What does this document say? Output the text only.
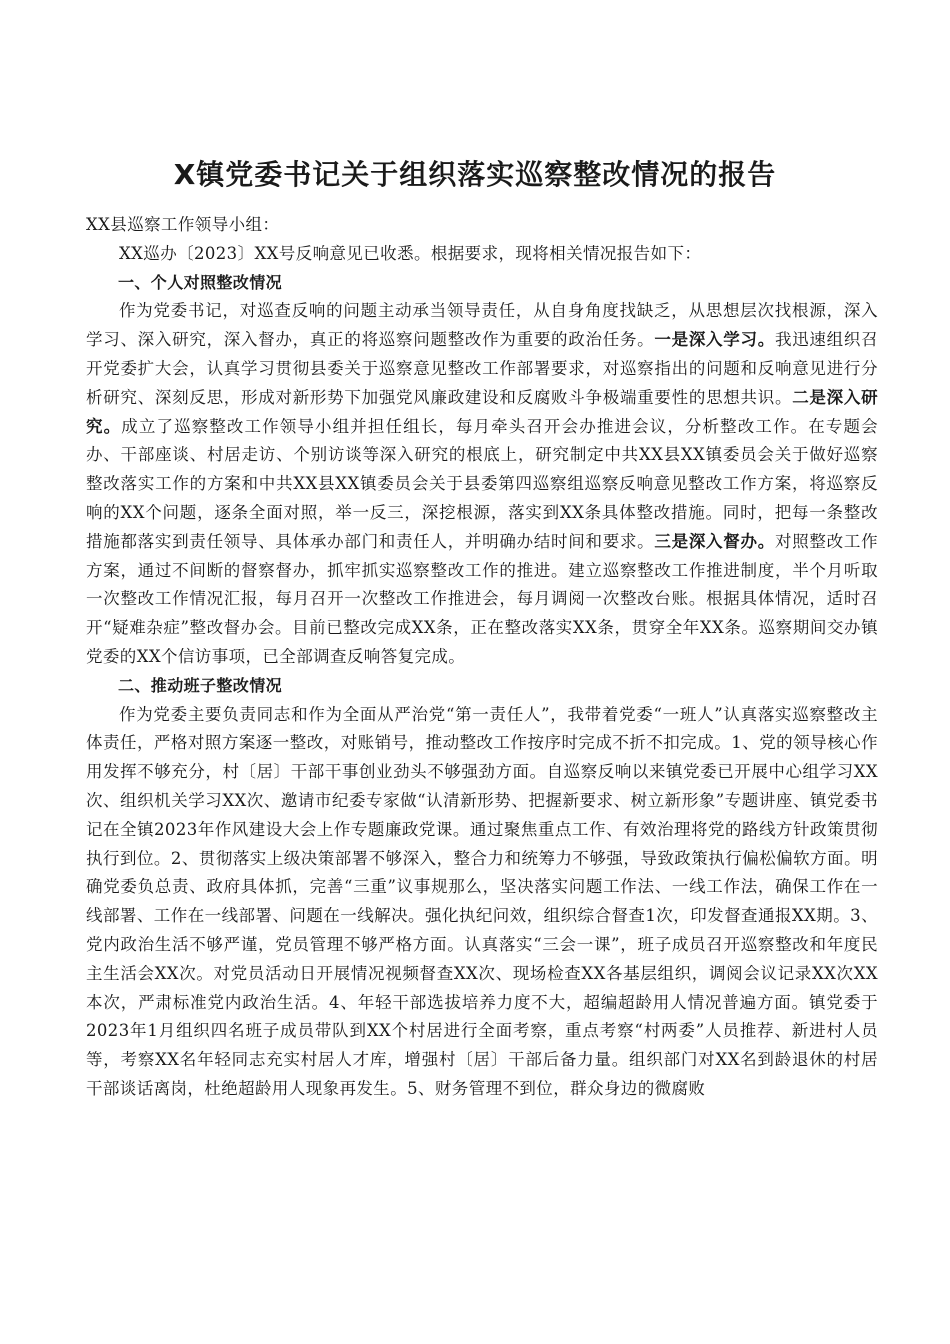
X镇党委书记关于组织落实巡察整改情况的报告

XX县巡察工作领导小组：

XX巡办〔2023〕XX号反响意见已收悉。根据要求，现将相关情况报告如下：

一、个人对照整改情况

作为党委书记，对巡查反响的问题主动承当领导责任，从自身角度找缺乏，从思想层次找根源，深入学习、深入研究，深入督办，真正的将巡察问题整改作为重要的政治任务。一是深入学习。我迅速组织召开党委扩大会，认真学习贯彻县委关于巡察意见整改工作部署要求，对巡察指出的问题和反响意见进行分析研究、深刻反思，形成对新形势下加强党风廉政建设和反腐败斗争极端重要性的思想共识。二是深入研究。成立了巡察整改工作领导小组并担任组长，每月牵头召开会办推进会议，分析整改工作。在专题会办、干部座谈、村居走访、个别访谈等深入研究的根底上，研究制定中共XX县XX镇委员会关于做好巡察整改落实工作的方案和中共XX县XX镇委员会关于县委第四巡察组巡察反响意见整改工作方案，将巡察反响的XX个问题，逐条全面对照，举一反三，深挖根源，落实到XX条具体整改措施。同时，把每一条整改措施都落实到责任领导、具体承办部门和责任人，并明确办结时间和要求。三是深入督办。对照整改工作方案，通过不间断的督察督办，抓牢抓实巡察整改工作的推进。建立巡察整改工作推进制度，半个月听取一次整改工作情况汇报，每月召开一次整改工作推进会，每月调阅一次整改台账。根据具体情况，适时召开“疑难杂症”整改督办会。目前已整改完成XX条，正在整改落实XX条，贯穿全年XX条。巡察期间交办镇党委的XX个信访事项，已全部调查反响答复完成。

二、推动班子整改情况

作为党委主要负责同志和作为全面从严治党“第一责任人”，我带着党委“一班人”认真落实巡察整改主体责任，严格对照方案逐一整改，对账销号，推动整改工作按序时完成不折不扣完成。1、党的领导核心作用发挥不够充分，村〔居〕干部干事创业劲头不够强劲方面。自巡察反响以来镇党委已开展中心组学习XX次、组织机关学习XX次、邀请市纪委专家做“认清新形势、把握新要求、树立新形象”专题讲座、镇党委书记在全镇2023年作风建设大会上作专题廉政党课。通过聚焦重点工作、有效治理将党的路线方针政策贯彻执行到位。2、贯彻落实上级决策部署不够深入，整合力和统筹力不够强，导致政策执行偏松偏软方面。明确党委负总责、政府具体抓，完善“三重”议事规那么，坚决落实问题工作法、一线工作法，确保工作在一线部署、工作在一线部署、问题在一线解决。强化执纪问效，组织综合督查1次，印发督查通报XX期。3、党内政治生活不够严谨，党员管理不够严格方面。认真落实“三会一课”，班子成员召开巡察整改和年度民主生活会XX次。对党员活动日开展情况视频督查XX次、现场检查XX各基层组织，调阅会议记录XX次XX本次，严肃标准党内政治生活。4、年轻干部选拔培养力度不大，超编超龄用人情况普遍方面。镇党委于2023年1月组织四名班子成员带队到XX个村居进行全面考察，重点考察“村两委”人员推荐、新进村人员等，考察XX名年轻同志充实村居人才库，增强村〔居〕干部后备力量。组织部门对XX名到龄退休的村居干部谈话离岗，杜绝超龄用人现象再发生。5、财务管理不到位，群众身边的微腐败
